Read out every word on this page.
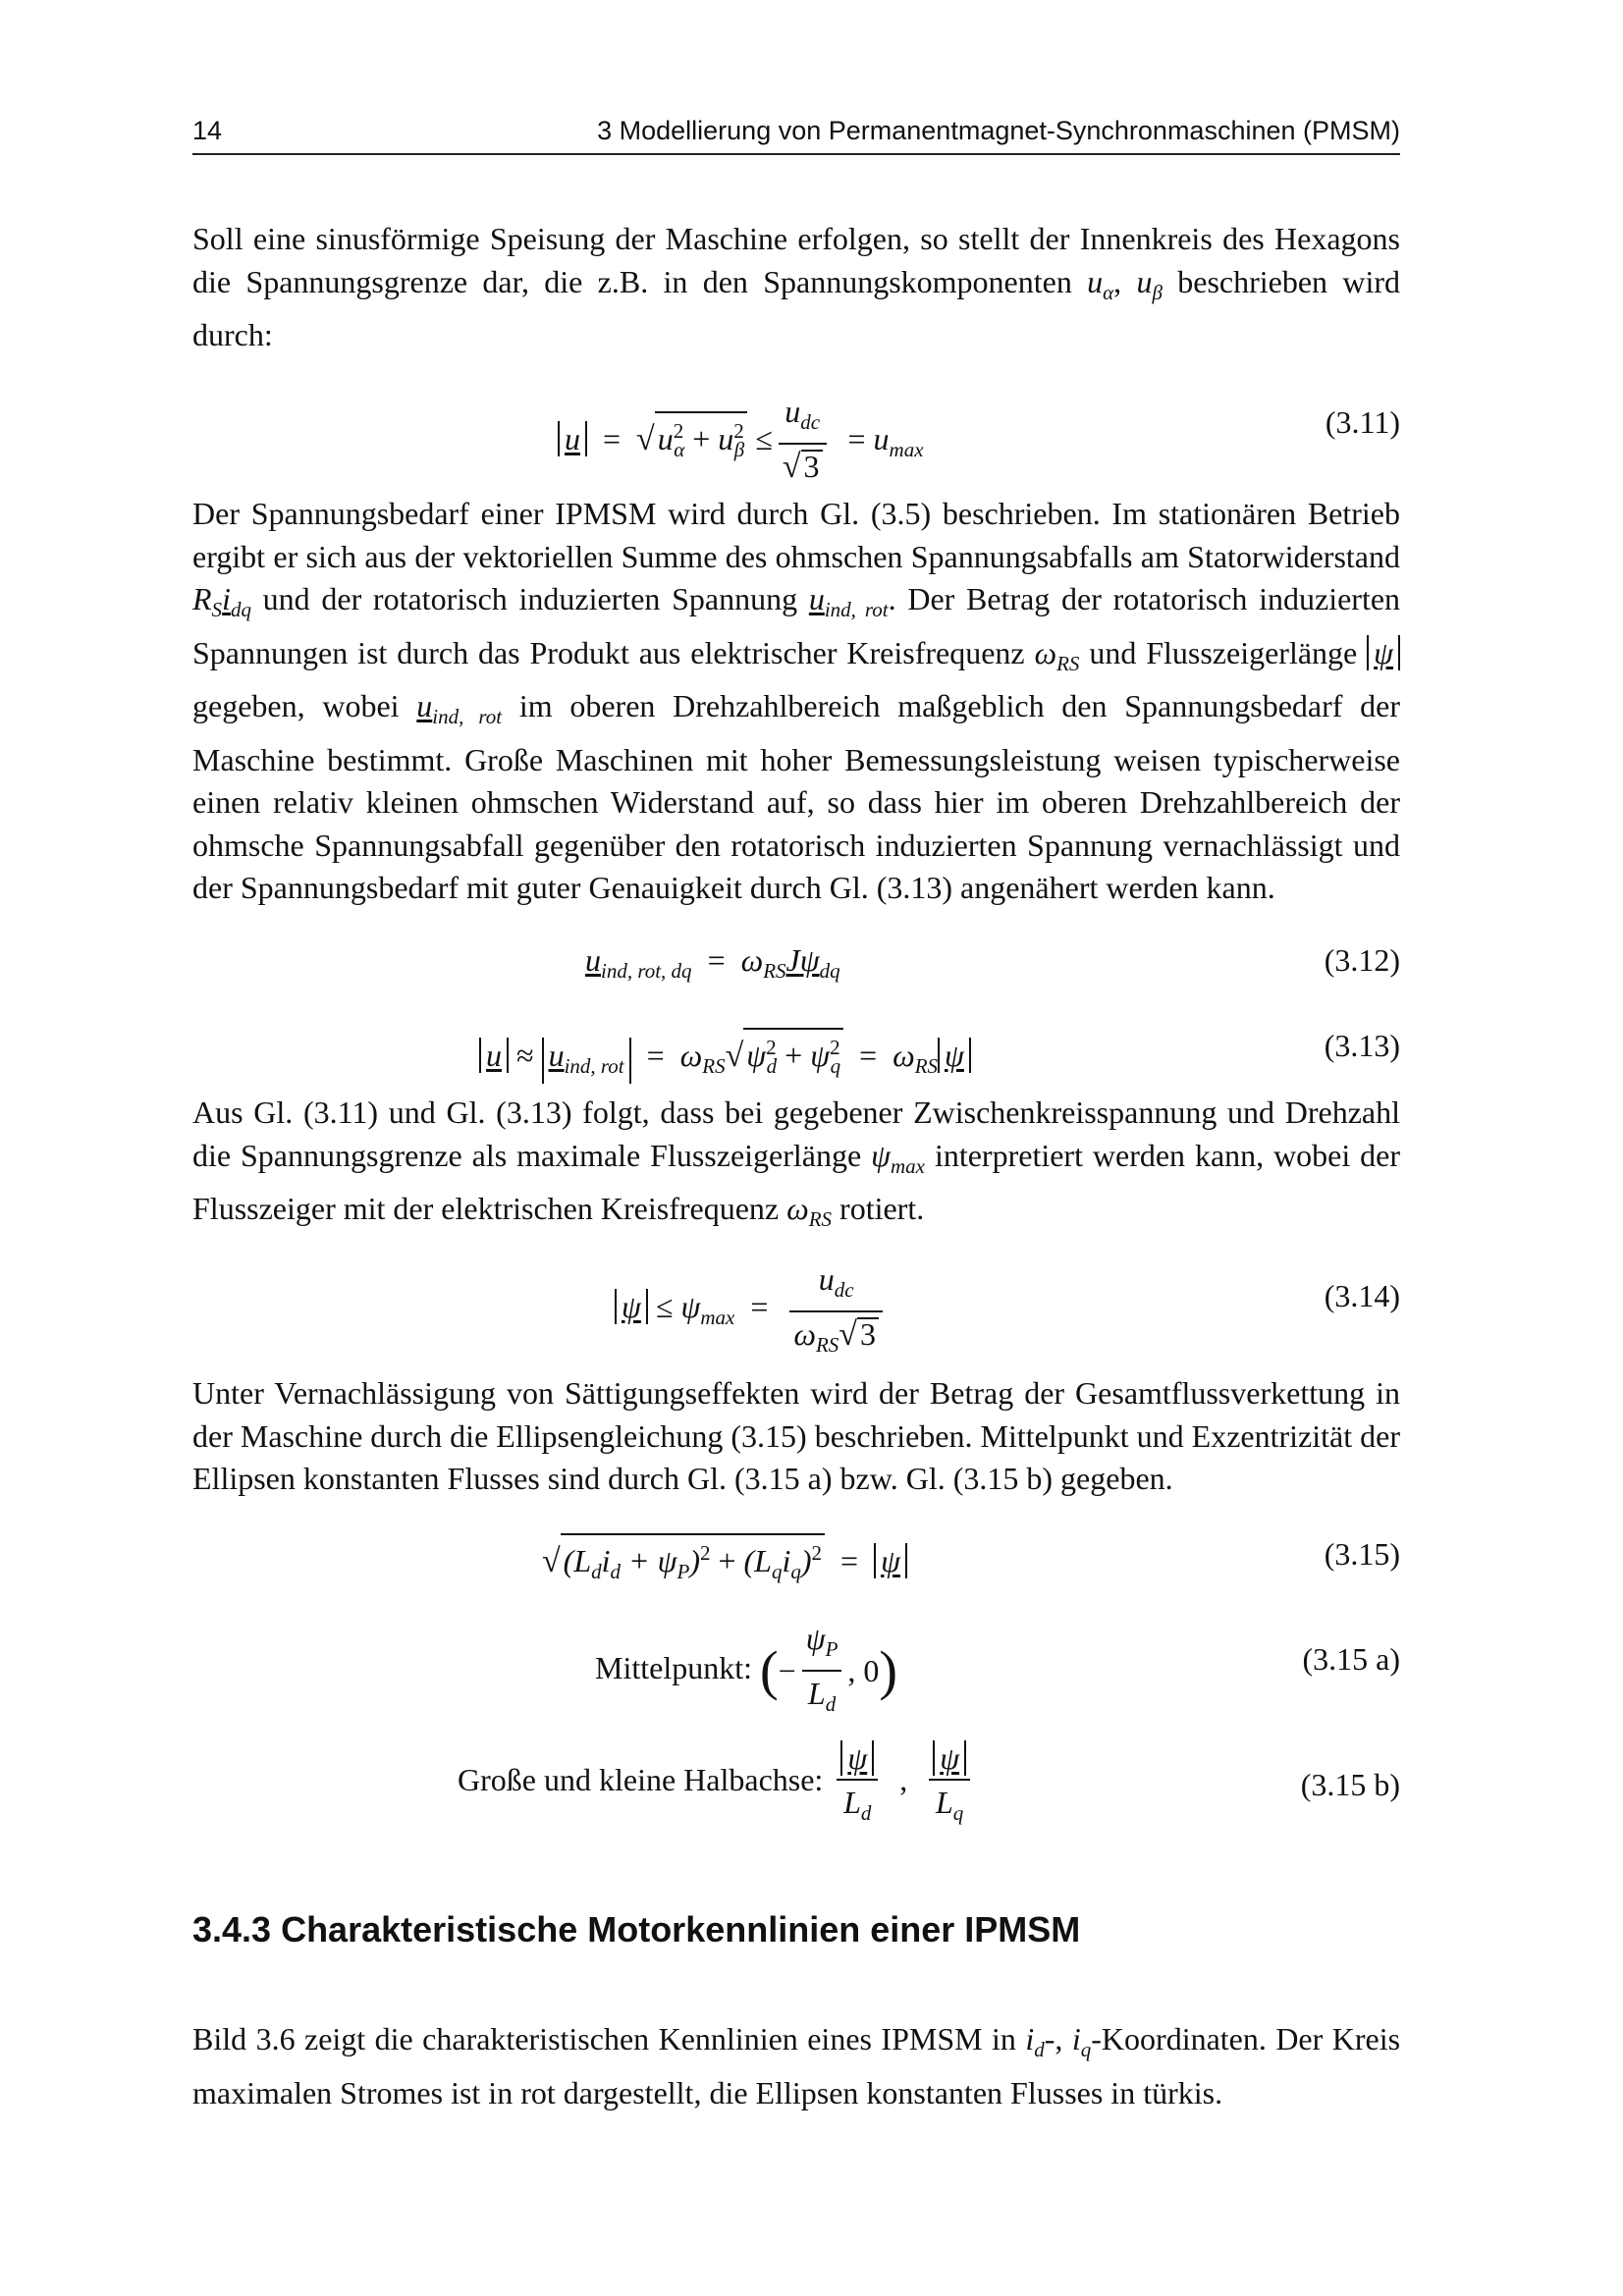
14	3 Modellierung von Permanentmagnet-Synchronmaschinen (PMSM)

Soll eine sinusförmige Speisung der Maschine erfolgen, so stellt der Innenkreis des Hexagons die Spannungsgrenze dar, die z.B. in den Spannungskomponenten $u_\alpha$, $u_\beta$ beschrieben wird durch:

$u = √u^2_\alpha + u^2_\beta \le \frac{u_{dc}}{√3} = u_{max}$
(3.11)

Der Spannungsbedarf einer IPMSM wird durch Gl. (3.5) beschrieben. Im stationären Betrieb ergibt er sich aus der vektoriellen Summe des ohmschen Spannungsabfalls am Statorwiderstand $R_Si_{dq}$ und der rotatorisch induzierten Spannung $u_{ind, rot}$. Der Betrag der rotatorisch induzierten Spannungen ist durch das Produkt aus elektrischer Kreisfrequenz $\omega_{RS}$ und Flusszeigerlänge ψ gegeben, wobei $u_{ind, rot}$ im oberen Drehzahlbereich maßgeblich den Spannungsbedarf der Maschine bestimmt. Große Maschinen mit hoher Bemessungsleistung weisen typischerweise einen relativ kleinen ohmschen Widerstand auf, so dass hier im oberen Drehzahlbereich der ohmsche Spannungsabfall gegenüber den rotatorisch induzierten Spannung vernachlässigt und der Spannungsbedarf mit guter Genauigkeit durch Gl. (3.13) angenähert werden kann.

$u_{ind, rot, dq} = \omega_{RS}J\psi_{dq}$	(3.12)
$u \approx u_{ind, rot} = \omega_{RS}√\psi^2_d + \psi^2_q = \omega_{RS}$ ψ	(3.13)

Aus Gl. (3.11) und Gl. (3.13) folgt, dass bei gegebener Zwischenkreisspannung und Drehzahl die Spannungsgrenze als maximale Flusszeigerlänge $\psi_{max}$ interpretiert werden kann, wobei der Flusszeiger mit der elektrischen Kreisfrequenz $\omega_{RS}$ rotiert.

$\psi \le \psi_{max} = \frac{u_{dc}}{\omega_{RS}√3}$	(3.14)

Unter Vernachlässigung von Sättigungseffekten wird der Betrag der Gesamtflussverkettung in der Maschine durch die Ellipsengleichung (3.15) beschrieben. Mittelpunkt und Exzentrizität der Ellipsen konstanten Flusses sind durch Gl. (3.15 a) bzw. Gl. (3.15 b) gegeben.

$√(L_di_d + \psi_P)^2 + (L_qi_q)^2 = \psi$	(3.15)
Mittelpunkt: (− $\frac{\psi_P}{L_d}$ , 0)	(3.15 a)
Große und kleine Halbachse: $\frac{\psi}{L_d}$ , $\frac{\psi}{L_q}$	(3.15 b)
3.4.3 Charakteristische Motorkennlinien einer IPMSM

Bild 3.6 zeigt die charakteristischen Kennlinien eines IPMSM in $i_d-$, $i_q$-Koordinaten. Der Kreis maximalen Stromes ist in rot dargestellt, die Ellipsen konstanten Flusses in türkis.
